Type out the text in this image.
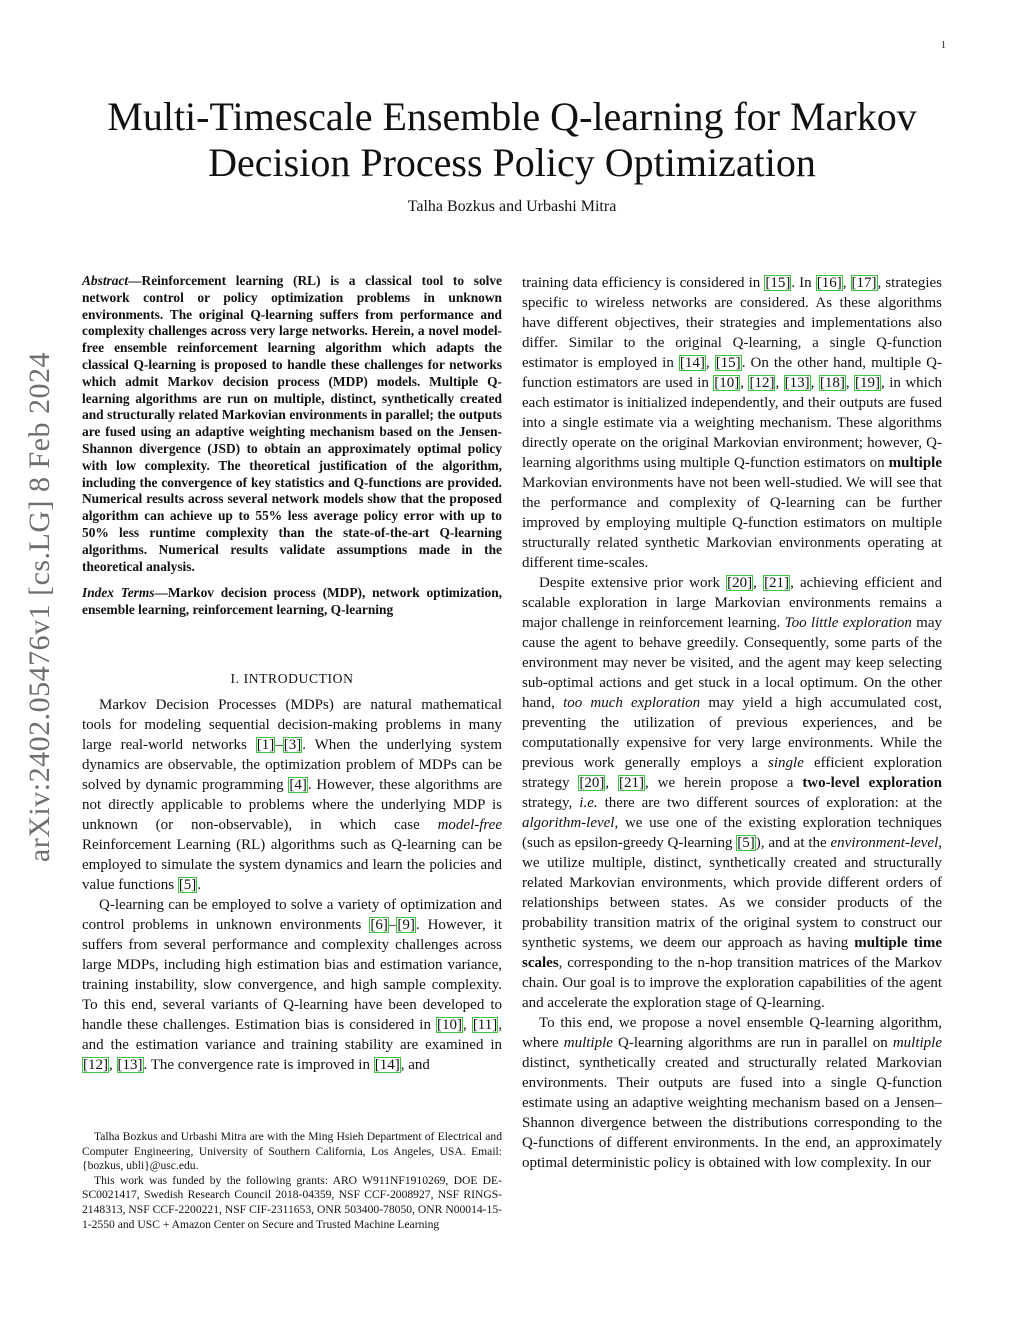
1
arXiv:2402.05476v1 [cs.LG] 8 Feb 2024
Multi-Timescale Ensemble Q-learning for Markov Decision Process Policy Optimization
Talha Bozkus and Urbashi Mitra

Abstract—Reinforcement learning (RL) is a classical tool to solve network control or policy optimization problems in unknown environments. The original Q-learning suffers from performance and complexity challenges across very large networks. Herein, a novel model-free ensemble reinforcement learning algorithm which adapts the classical Q-learning is proposed to handle these challenges for networks which admit Markov decision process (MDP) models. Multiple Q-learning algorithms are run on multiple, distinct, synthetically created and structurally related Markovian environments in parallel; the outputs are fused using an adaptive weighting mechanism based on the Jensen-Shannon divergence (JSD) to obtain an approximately optimal policy with low complexity. The theoretical justification of the algorithm, including the convergence of key statistics and Q-functions are provided. Numerical results across several network models show that the proposed algorithm can achieve up to 55% less average policy error with up to 50% less runtime complexity than the state-of-the-art Q-learning algorithms. Numerical results validate assumptions made in the theoretical analysis.

Index Terms—Markov decision process (MDP), network optimization, ensemble learning, reinforcement learning, Q-learning

I. INTRODUCTION

Markov Decision Processes (MDPs) are natural mathematical tools for modeling sequential decision-making problems in many large real-world networks [1]–[3]. When the underlying system dynamics are observable, the optimization problem of MDPs can be solved by dynamic programming [4]. However, these algorithms are not directly applicable to problems where the underlying MDP is unknown (or non-observable), in which case model-free Reinforcement Learning (RL) algorithms such as Q-learning can be employed to simulate the system dynamics and learn the policies and value functions [5].

Q-learning can be employed to solve a variety of optimization and control problems in unknown environments [6]–[9]. However, it suffers from several performance and complexity challenges across large MDPs, including high estimation bias and estimation variance, training instability, slow convergence, and high sample complexity. To this end, several variants of Q-learning have been developed to handle these challenges. Estimation bias is considered in [10], [11], and the estimation variance and training stability are examined in [12], [13]. The convergence rate is improved in [14], and

Talha Bozkus and Urbashi Mitra are with the Ming Hsieh Department of Electrical and Computer Engineering, University of Southern California, Los Angeles, USA. Email: {bozkus, ubli}@usc.edu.

This work was funded by the following grants: ARO W911NF1910269, DOE DE-SC0021417, Swedish Research Council 2018-04359, NSF CCF-2008927, NSF RINGS-2148313, NSF CCF-2200221, NSF CIF-2311653, ONR 503400-78050, ONR N00014-15-1-2550 and USC + Amazon Center on Secure and Trusted Machine Learning

training data efficiency is considered in [15]. In [16], [17], strategies specific to wireless networks are considered. As these algorithms have different objectives, their strategies and implementations also differ. Similar to the original Q-learning, a single Q-function estimator is employed in [14], [15]. On the other hand, multiple Q-function estimators are used in [10], [12], [13], [18], [19], in which each estimator is initialized independently, and their outputs are fused into a single estimate via a weighting mechanism. These algorithms directly operate on the original Markovian environment; however, Q-learning algorithms using multiple Q-function estimators on multiple Markovian environments have not been well-studied. We will see that the performance and complexity of Q-learning can be further improved by employing multiple Q-function estimators on multiple structurally related synthetic Markovian environments operating at different time-scales.

Despite extensive prior work [20], [21], achieving efficient and scalable exploration in large Markovian environments remains a major challenge in reinforcement learning. Too little exploration may cause the agent to behave greedily. Consequently, some parts of the environment may never be visited, and the agent may keep selecting sub-optimal actions and get stuck in a local optimum. On the other hand, too much exploration may yield a high accumulated cost, preventing the utilization of previous experiences, and be computationally expensive for very large environments. While the previous work generally employs a single efficient exploration strategy [20], [21], we herein propose a two-level exploration strategy, i.e. there are two different sources of exploration: at the algorithm-level, we use one of the existing exploration techniques (such as epsilon-greedy Q-learning [5]), and at the environment-level, we utilize multiple, distinct, synthetically created and structurally related Markovian environments, which provide different orders of relationships between states. As we consider products of the probability transition matrix of the original system to construct our synthetic systems, we deem our approach as having multiple time scales, corresponding to the n-hop transition matrices of the Markov chain. Our goal is to improve the exploration capabilities of the agent and accelerate the exploration stage of Q-learning.

To this end, we propose a novel ensemble Q-learning algorithm, where multiple Q-learning algorithms are run in parallel on multiple distinct, synthetically created and structurally related Markovian environments. Their outputs are fused into a single Q-function estimate using an adaptive weighting mechanism based on a Jensen–Shannon divergence between the distributions corresponding to the Q-functions of different environments. In the end, an approximately optimal deterministic policy is obtained with low complexity. In our
